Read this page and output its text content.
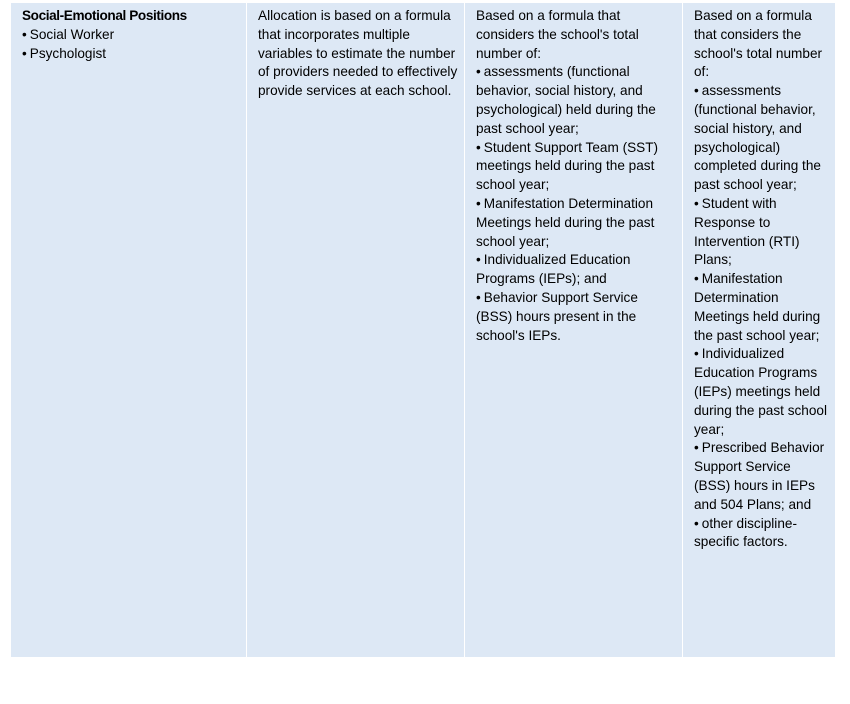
Social-Emotional Positions
• Social Worker
• Psychologist
Allocation is based on a formula that incorporates multiple variables to estimate the number of providers needed to effectively provide services at each school.
Based on a formula that considers the school's total number of:
• assessments (functional behavior, social history, and psychological) held during the past school year;
• Student Support Team (SST) meetings held during the past school year;
• Manifestation Determination Meetings held during the past school year;
• Individualized Education Programs (IEPs); and
• Behavior Support Service (BSS) hours present in the school's IEPs.
Based on a formula that considers the school's total number of:
• assessments (functional behavior, social history, and psychological) completed during the past school year;
• Student with Response to Intervention (RTI) Plans;
• Manifestation Determination Meetings held during the past school year;
• Individualized Education Programs (IEPs) meetings held during the past school year;
• Prescribed Behavior Support Service (BSS) hours in IEPs and 504 Plans; and
• other discipline-specific factors.
